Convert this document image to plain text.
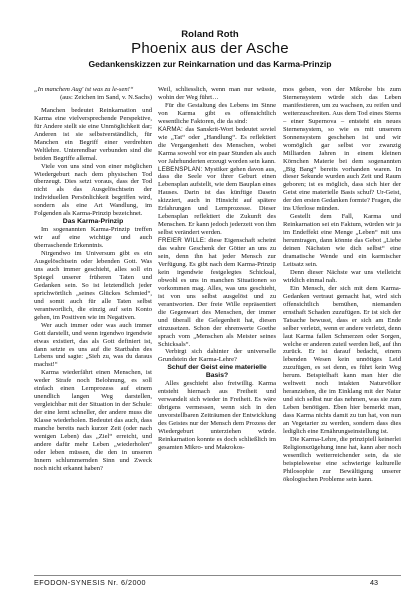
Roland Roth
Phoenix aus der Asche
Gedankenskizzen zur Reinkarnation und das Karma-Prinzip

„In manchem Aug' ist was zu le-sen!“

(aus: Zeichen im Sand, v. N.Sachs)

Manchen bedeutet Reinkarnation und Karma eine vielversprechende Perspektive, für Andere stellt sie eine Unmöglichkeit dar; Anderen ist sie selbstverständlich, für Manchen ein Begriff einer verdrehten Weltlehre. Unterendbar verbunden sind die beiden Begriffe allemal.

Viele von uns sind von einer möglichen Wiedergeburt nach dem physischen Tod überzeugt. Dies setzt voraus, dass der Tod nicht als das Ausgelöschtsein der individuellen Persönlichkeit begriffen wird, sondern als eine Art Wandlung, im Folgenden als Karma-Prinzip bezeichnet.

Das Karma-Prinzip

Im sogenannten Karma-Prinzip treffen wir auf eine wichtige und auch überraschende Erkenntnis.

Nirgendwo im Universum gibt es ein Ausgelöschtsein oder lebenden Gott. Was uns auch immer geschieht, alles soll ein Spiegel unserer früheren Taten und Gedanken sein. So ist letztendlich jeder sprichwörtlich „seines Glückes Schmied“, und somit auch für alle Taten selbst verantwortlich, die einzig auf sein Konto gehen, im Positiven wie im Negativen.

Wer auch immer oder was auch immer Gott darstellt, und wenn irgendwo irgendwie etwas existiert, das als Gott definiert ist, dann setzte es uns auf die Startbahn des Lebens und sagte: „Sieh zu, was du daraus machst!“

Karma wiederfährt einen Menschen, ist weder Strafe noch Belohnung, es soll einfach einen Lernprozess auf einem unendlich langen Weg darstellen, vergleichbar mit der Situation in der Schule: der eine lernt schneller, der andere muss die Klasse wiederholen. Bedeutet das auch, dass manche bereits nach kurzer Zeit (oder nach wenigen Leben) das „Ziel“ erreicht, und andere dafür mehr Leben „wiederholen“ oder leben müssen, die den in unseren Innern schlummernden Sinn und Zweck noch nicht erkannt haben?

Weil, schliesslich, wenn man nur wüsste, wohin der Weg führt…

Für die Gestaltung des Lebens im Sinne von Karma gibt es offensichtlich wesentliche Faktoren, die da sind:

KARMA: das Sanskrit-Wort bedeutet soviel wie „Tat“ oder „Handlung“. Es reflektiert die Vergangenheit des Menschen, wobei Karma sowohl vor ein paar Stunden als auch vor Jahrhunderten erzeugt worden sein kann.

LEBENSPLAN: Mystiker gehen davon aus, dass die Seele vor ihrer Geburt einen Lebensplan aufstellt, wie dem Bauplan eines Hauses. Darin ist das künftige Dasein skizziert, auch in Hinsicht auf spätere Erfahrungen und Lernprozesse. Dieser Lebensplan reflektiert die Zukunft des Menschen. Er kann jedoch jederzeit von ihm selbst verändert werden.

FREIER WILLE: diese Eigenschaft scheint das wahre Geschenk der Götter an uns zu sein, denn ihn hat jeder Mensch zur Verfügung. Es gibt nach dem Karma-Prinzip kein irgendwie festgelegtes Schicksal, obwohl es uns in manchen Situationen so vorkommen mag. Alles, was uns geschieht, ist von uns selbst ausgelöst und zu verantworten. Der freie Wille repräsentiert die Gegenwart des Menschen, der immer und überall die Gelegenheit hat, diesen einzusetzen. Schon der ehrenwerte Goethe sprach vom „Menschen als Meister seines Schicksals“.

Verbirgt sich dahinter der universelle Grundstein der Karma-Lehre?

Schuf der Geist eine materielle Basis?

Alles geschieht also freiwillig. Karma entsteht hiernach aus Freiheit und verwandelt sich wieder in Freiheit. Es wäre übrigens vermessen, wenn sich in den unvorstellbaren Zeiträumen der Entwicklung des Geistes nur der Mensch dem Prozess der Wiedergeburt unterziehen würde. Reinkarnation konnte es doch schließlich im gesamten Mikro- und Makrokos-

mos geben, von der Mikrobe bis zum Sternensystem würde sich das Leben manifestieren, um zu wachsen, zu reifen und weiterzuschreiten. Aus dem Tod eines Sterns – einer Supernova – entsteht ein neues Sternensystem, so wie es mit unserem Sonnensystem geschehen ist und wir womöglich gar selbst vor zwanzig Milliarden Jahren in einem kleinen Körnchen Materie bei dem sogenannten „Big Bang“ bereits vorhanden waren. In dieser Sekunde wurden auch Zeit und Raum geboren; ist es möglich, dass sich hier der Geist eine materielle Basis schuf? Ur-Geist, der den ersten Gedanken formte? Fragen, die ins Uferlose münden.

Gestellt dem Fall, Karma und Reinkarnation sei ein Faktum, würden wir ja im Endeffekt eine Menge „Leben“ mit uns herumtragen, dann könnte das Gebot „Liebe deinen Nächsten wie dich selbst“ eine dramatische Wende und ein karmischer Leitsatz sein.

Denn dieser Nächste war uns vielleicht wirklich einmal nah.

Ein Mensch, der sich mit dem Karma-Gedanken vertraut gemacht hat, wird sich offensichtlich bemühen, niemanden ernsthaft Schaden zuzufügen. Er ist sich der Tatsache bewusst, dass er sich am Ende selber verletzt, wenn er andere verletzt, denn laut Karma fallen Schmerzen oder Sorgen, welche er anderen zuteil werden ließ, auf ihn zurück. Er ist darauf bedacht, einem lebenden Wesen kein unnötiges Leid zuzufügen, es sei denn, es führt kein Weg herum. Beispielhaft kann man hier die weltweit noch intakten Naturvölker heranziehen, die im Einklang mit der Natur und sich selbst nur das nehmen, was sie zum Leben benötigen. Eben hier bemerkt man, dass Karma nichts damit zu tun hat, von nun an Vegetarier zu werden, sondern dass dies lediglich eine Ernährungseinstellung ist.

Die Karma-Lehre, die prinzipiell keinerlei Religionszügehung inne hat, kann aber noch wesentlich weiterreichender sein, da sie beispielsweise eine schwierige kulturelle Philosophie zur Bewältigung unserer ökologischen Probleme sein kann.

EFODON-SYNESIS Nr. 6/2000	43
